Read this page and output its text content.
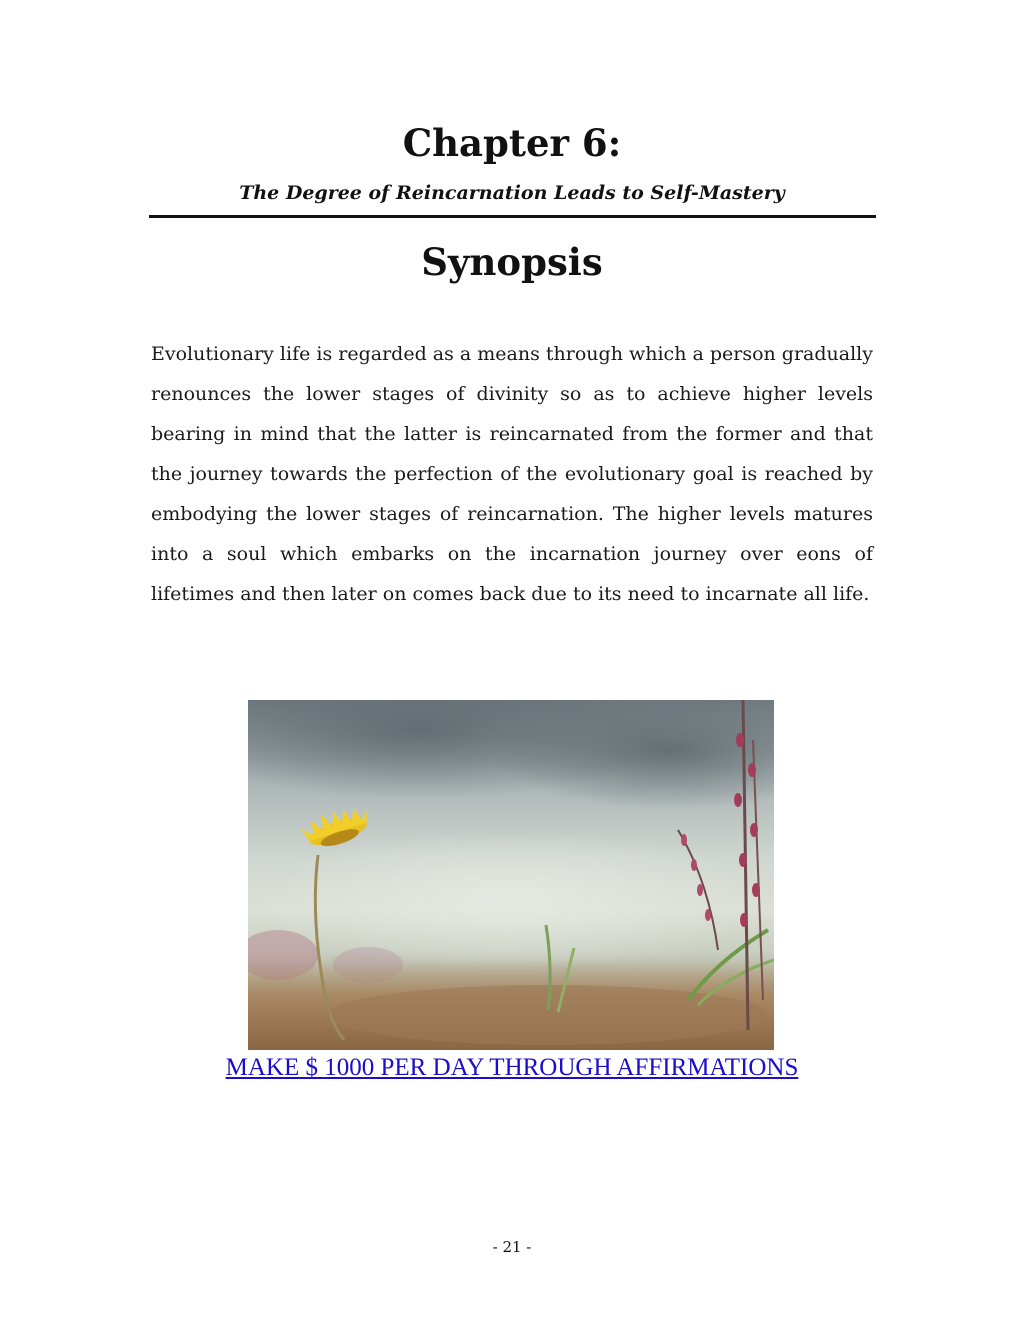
Chapter 6:
The Degree of Reincarnation Leads to Self-Mastery
Synopsis

Evolutionary life is regarded as a means through which a person gradually renounces the lower stages of divinity so as to achieve higher levels bearing in mind that the latter is reincarnated from the former and that the journey towards the perfection of the evolutionary goal is reached by embodying the lower stages of reincarnation. The higher levels matures into a soul which embarks on the incarnation journey over eons of lifetimes and then later on comes back due to its need to incarnate all life.

MAKE $ 1000 PER DAY THROUGH AFFIRMATIONS
- 21 -
